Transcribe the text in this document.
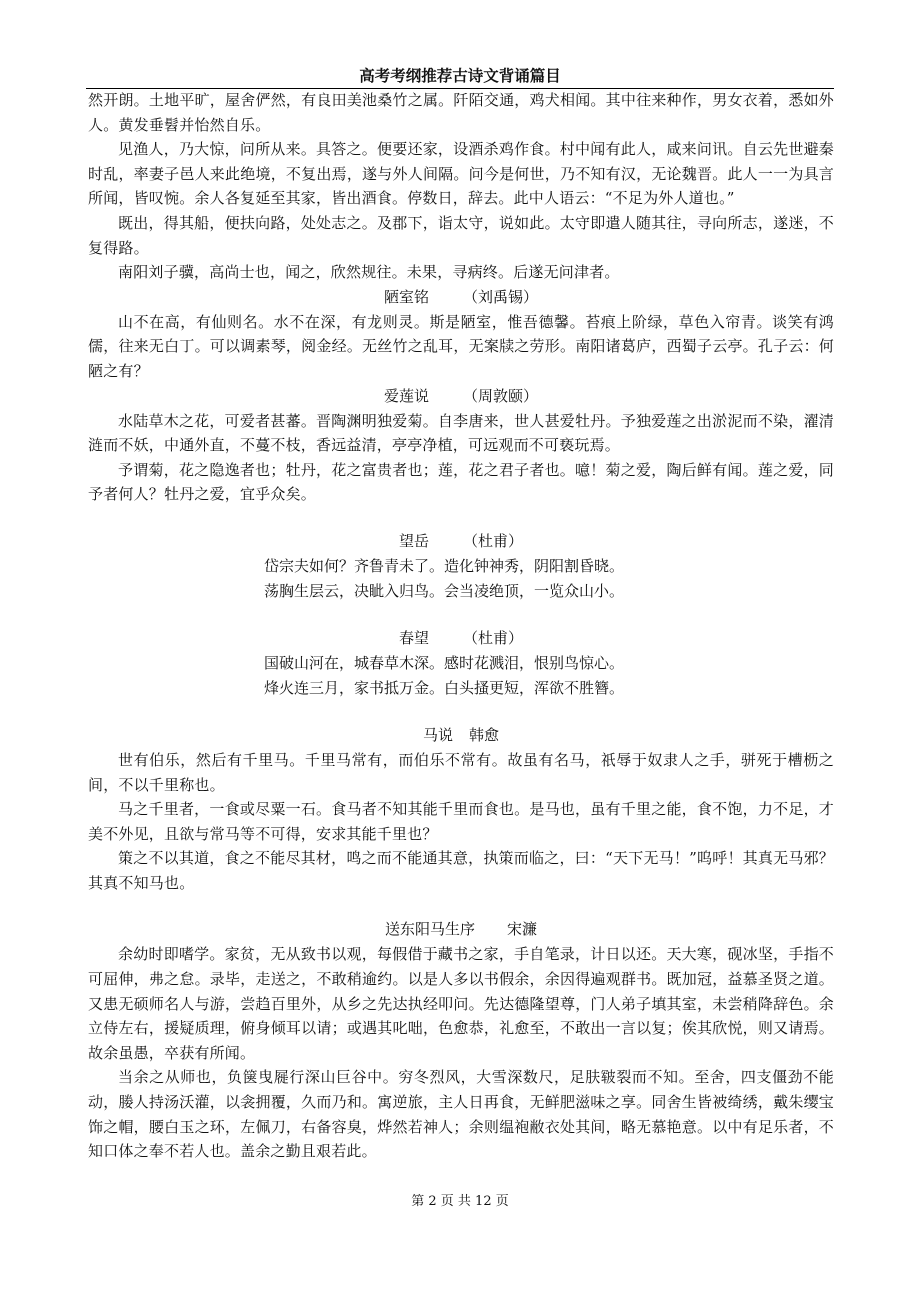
高考考纲推荐古诗文背诵篇目

然开朗。土地平旷，屋舍俨然，有良田美池桑竹之属。阡陌交通，鸡犬相闻。其中往来种作，男女衣着，悉如外人。黄发垂髫并怡然自乐。

见渔人，乃大惊，问所从来。具答之。便要还家，设酒杀鸡作食。村中闻有此人，咸来问讯。自云先世避秦时乱，率妻子邑人来此绝境，不复出焉，遂与外人间隔。问今是何世，乃不知有汉，无论魏晋。此人一一为具言所闻，皆叹惋。余人各复延至其家，皆出酒食。停数日，辞去。此中人语云：“不足为外人道也。”

既出，得其船，便扶向路，处处志之。及郡下，诣太守，说如此。太守即遣人随其往，寻向所志，遂迷，不复得路。

南阳刘子骥，高尚士也，闻之，欣然规往。未果，寻病终。后遂无问津者。

陋室铭 （刘禹锡）

山不在高，有仙则名。水不在深，有龙则灵。斯是陋室，惟吾德馨。苔痕上阶绿，草色入帘青。谈笑有鸿儒，往来无白丁。可以调素琴，阅金经。无丝竹之乱耳，无案牍之劳形。南阳诸葛庐，西蜀子云亭。孔子云：何陋之有？

爱莲说 （周敦颐）

水陆草木之花，可爱者甚蕃。晋陶渊明独爱菊。自李唐来，世人甚爱牡丹。予独爱莲之出淤泥而不染，濯清涟而不妖，中通外直，不蔓不枝，香远益清，亭亭净植，可远观而不可亵玩焉。

予谓菊，花之隐逸者也；牡丹，花之富贵者也；莲，花之君子者也。噫！菊之爱，陶后鲜有闻。莲之爱，同予者何人？牡丹之爱，宜乎众矣。

望岳 （杜甫）

岱宗夫如何？齐鲁青未了。造化钟神秀，阴阳割昏晓。

荡胸生层云，决眦入归鸟。会当凌绝顶，一览众山小。

春望 （杜甫）

国破山河在，城春草木深。感时花溅泪，恨别鸟惊心。

烽火连三月，家书抵万金。白头搔更短，浑欲不胜簪。

马说 韩愈

世有伯乐，然后有千里马。千里马常有，而伯乐不常有。故虽有名马，祇辱于奴隶人之手，骈死于槽枥之间，不以千里称也。

马之千里者，一食或尽粟一石。食马者不知其能千里而食也。是马也，虽有千里之能，食不饱，力不足，才美不外见，且欲与常马等不可得，安求其能千里也？

策之不以其道，食之不能尽其材，鸣之而不能通其意，执策而临之，曰：“天下无马！”呜呼！其真无马邪？其真不知马也。

送东阳马生序 宋濂

余幼时即嗜学。家贫，无从致书以观，每假借于藏书之家，手自笔录，计日以还。天大寒，砚冰坚，手指不可屈伸，弗之怠。录毕，走送之，不敢稍逾约。以是人多以书假余，余因得遍观群书。既加冠，益慕圣贤之道。又患无硕师名人与游，尝趋百里外，从乡之先达执经叩问。先达德隆望尊，门人弟子填其室，未尝稍降辞色。余立侍左右，援疑质理，俯身倾耳以请；或遇其叱咄，色愈恭，礼愈至，不敢出一言以复；俟其欣悦，则又请焉。故余虽愚，卒获有所闻。

当余之从师也，负箧曳屣行深山巨谷中。穷冬烈风，大雪深数尺，足肤皲裂而不知。至舍，四支僵劲不能动，媵人持汤沃灌，以衾拥覆，久而乃和。寓逆旅，主人日再食，无鲜肥滋味之享。同舍生皆被绮绣，戴朱缨宝饰之帽，腰白玉之环，左佩刀，右备容臭，烨然若神人；余则缊袍敝衣处其间，略无慕艳意。以中有足乐者，不知口体之奉不若人也。盖余之勤且艰若此。

第 2 页 共 12 页
